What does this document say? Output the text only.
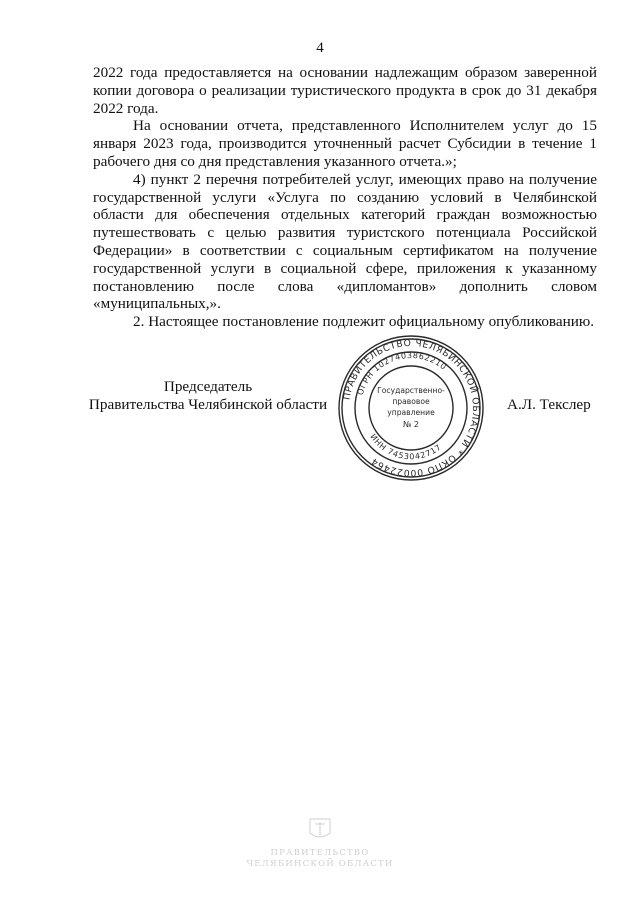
4

2022 года предоставляется на основании надлежащим образом заверенной копии договора о реализации туристического продукта в срок до 31 декабря 2022 года.

На основании отчета, представленного Исполнителем услуг до 15 января 2023 года, производится уточненный расчет Субсидии в течение 1 рабочего дня со дня представления указанного отчета.»;

4) пункт 2 перечня потребителей услуг, имеющих право на получение государственной услуги «Услуга по созданию условий в Челябинской области для обеспечения отдельных категорий граждан возможностью путешествовать с целью развития туристского потенциала Российской Федерации» в соответствии с социальным сертификатом на получение государственной услуги в социальной сфере, приложения к указанному постановлению после слова «дипломантов» дополнить словом «муниципальных,».

2. Настоящее постановление подлежит официальному опубликованию.

Председатель
Правительства Челябинской области	А.Л. Текслер
ПРАВИТЕЛЬСТВО ЧЕЛЯБИНСКОЙ ОБЛАСТИ * ОКПО 00022464
ОГРН 1027403862210
ИНН 7453042717
Государственно-
правовое
управление
№ 2
ПРАВИТЕЛЬСТВО
ЧЕЛЯБИНСКОЙ ОБЛАСТИ
